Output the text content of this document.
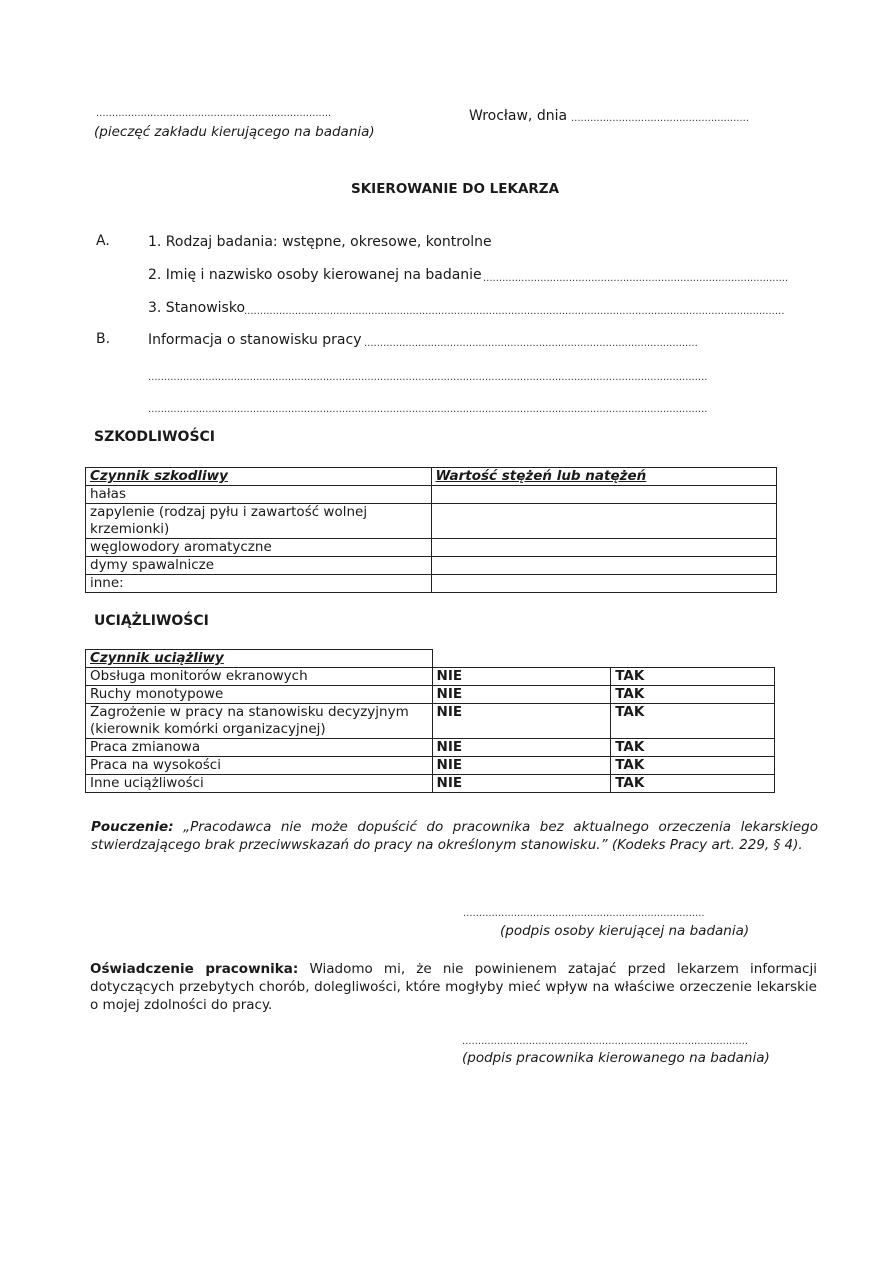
..........................................................................
(pieczęć zakładu kierującego na badania)
Wrocław, dnia ........................................................
SKIEROWANIE DO LEKARZA
A.	1. Rodzaj badania: wstępne, okresowe, kontrolne
2. Imię i nazwisko osoby kierowanej na badanie ................................................................................................
3. Stanowisko
..........................................................................................................................................................................
B.	Informacja o stanowisku pracy .........................................................................................................
................................................................................................................................................................................
................................................................................................................................................................................
SZKODLIWOŚCI
Czynnik szkodliwy	Wartość stężeń lub natężeń
hałas	
zapylenie (rodzaj pyłu i zawartość wolnej krzemionki)	
węglowodory aromatyczne	
dymy spawalnicze	
inne:	
UCIĄŻLIWOŚCI
Czynnik uciążliwy		
Obsługa monitorów ekranowych	NIE	TAK
Ruchy monotypowe	NIE	TAK
Zagrożenie w pracy na stanowisku decyzyjnym (kierownik komórki organizacyjnej)	NIE	TAK
Praca zmianowa	NIE	TAK
Praca na wysokości	NIE	TAK
Inne uciążliwości	NIE	TAK
Pouczenie: „Pracodawca nie może dopuścić do pracownika bez aktualnego orzeczenia lekarskiego stwierdzającego brak przeciwwskazań do pracy na określonym stanowisku.” (Kodeks Pracy art. 229, § 4).
............................................................................
(podpis osoby kierującej na badania)
Oświadczenie pracownika: Wiadomo mi, że nie powinienem zatajać przed lekarzem informacji dotyczących przebytych chorób, dolegliwości, które mogłyby mieć wpływ na właściwe orzeczenie lekarskie o mojej zdolności do pracy.
..........................................................................................
(podpis pracownika kierowanego na badania)
